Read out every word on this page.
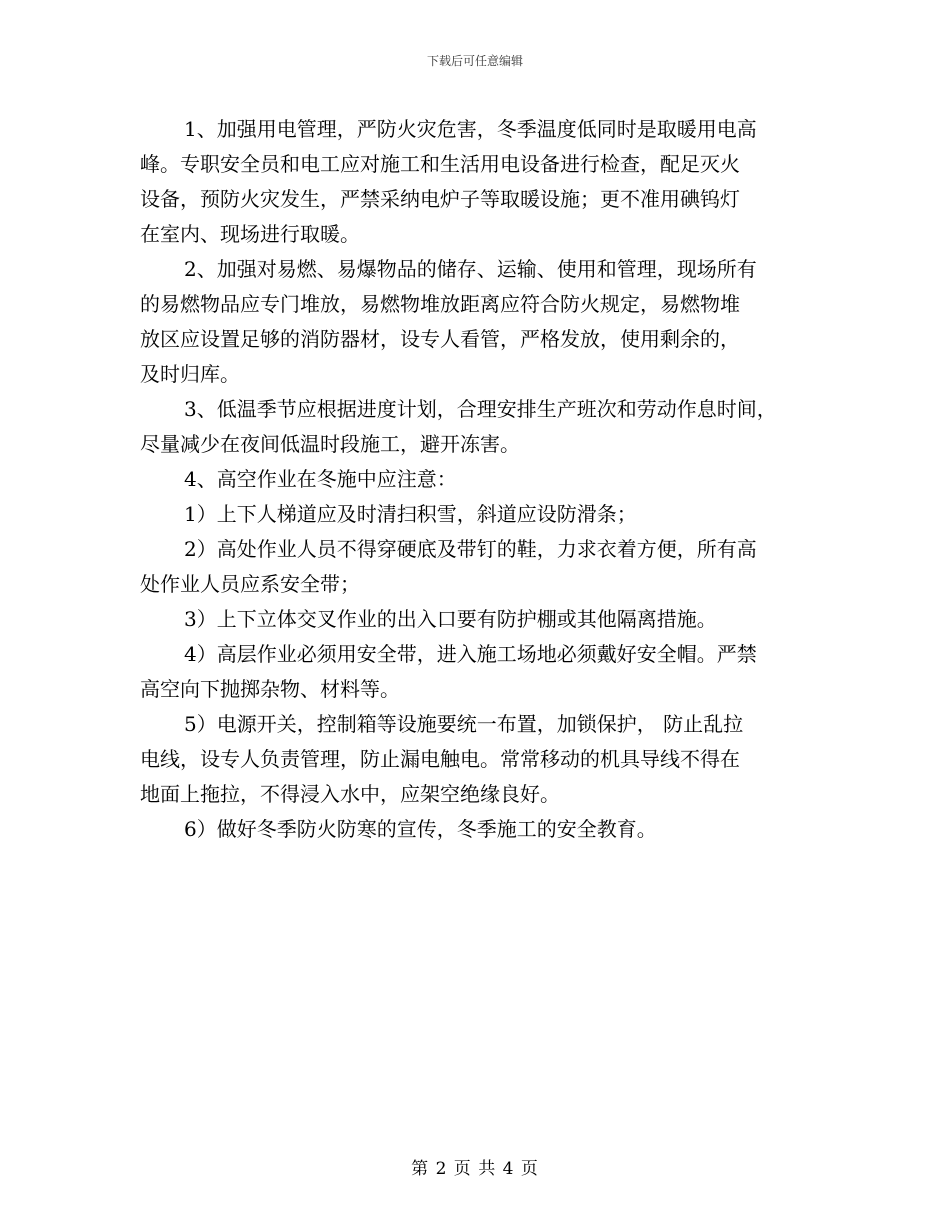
下载后可任意编辑
1、加强用电管理，严防火灾危害，冬季温度低同时是取暖用电高
峰。专职安全员和电工应对施工和生活用电设备进行检查，配足灭火
设备，预防火灾发生，严禁采纳电炉子等取暖设施；更不准用碘钨灯
在室内、现场进行取暖。
2、加强对易燃、易爆物品的储存、运输、使用和管理，现场所有
的易燃物品应专门堆放，易燃物堆放距离应符合防火规定，易燃物堆
放区应设置足够的消防器材，设专人看管，严格发放，使用剩余的，
及时归库。
3、低温季节应根据进度计划，合理安排生产班次和劳动作息时间，
尽量减少在夜间低温时段施工，避开冻害。
4、高空作业在冬施中应注意：
1）上下人梯道应及时清扫积雪，斜道应设防滑条；
2）高处作业人员不得穿硬底及带钉的鞋，力求衣着方便，所有高
处作业人员应系安全带；
3）上下立体交叉作业的出入口要有防护棚或其他隔离措施。
4）高层作业必须用安全带，进入施工场地必须戴好安全帽。严禁
高空向下抛掷杂物、材料等。
5）电源开关，控制箱等设施要统一布置，加锁保护， 防止乱拉
电线，设专人负责管理，防止漏电触电。常常移动的机具导线不得在
地面上拖拉，不得浸入水中，应架空绝缘良好。
6）做好冬季防火防寒的宣传，冬季施工的安全教育。
第 2 页 共 4 页
